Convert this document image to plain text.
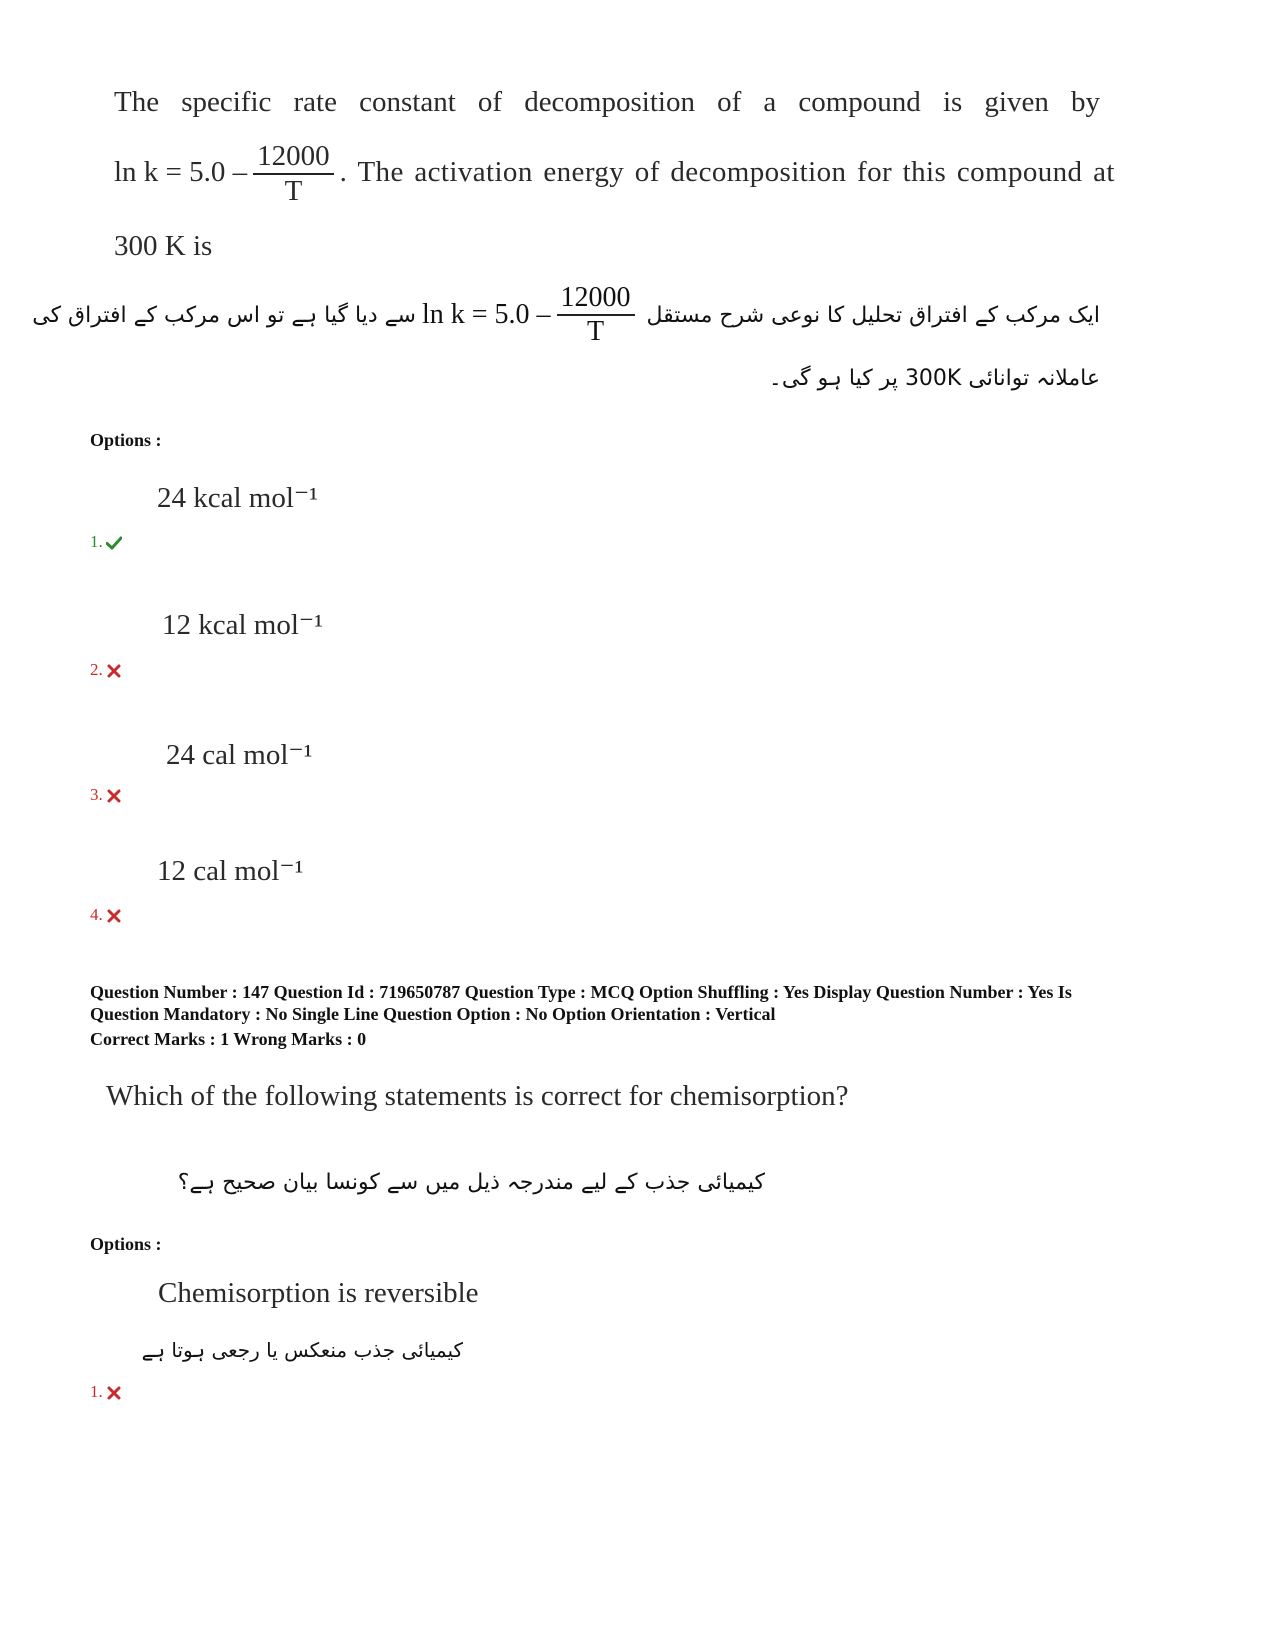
The specific rate constant of decomposition of a compound is given by
$\ln k = 5.0 - \frac{12000}{T}$ . The activation energy of decomposition for this compound at
300 K is
ایک مرکب کے افتراق تحلیل کا نوعی شرح مستقل
$\ln k = 5.0 - \frac{12000}{T}$
سے دیا گیا ہے تو اس مرکب کے افتراق کی
عاملانہ توانائی 300K پر کیا ہو گی۔
Options :
24 kcal mol⁻¹
1.
12 kcal mol⁻¹
2.
24 cal mol⁻¹
3.
12 cal mol⁻¹
4.
Question Number : 147 Question Id : 719650787 Question Type : MCQ Option Shuffling : Yes Display Question Number : Yes Is
Question Mandatory : No Single Line Question Option : No Option Orientation : Vertical
Correct Marks : 1 Wrong Marks : 0
Which of the following statements is correct for chemisorption?
کیمیائی جذب کے لیے مندرجہ ذیل میں سے کونسا بیان صحیح ہے؟
Options :
Chemisorption is reversible
کیمیائی جذب منعکس یا رجعی ہوتا ہے
1.
